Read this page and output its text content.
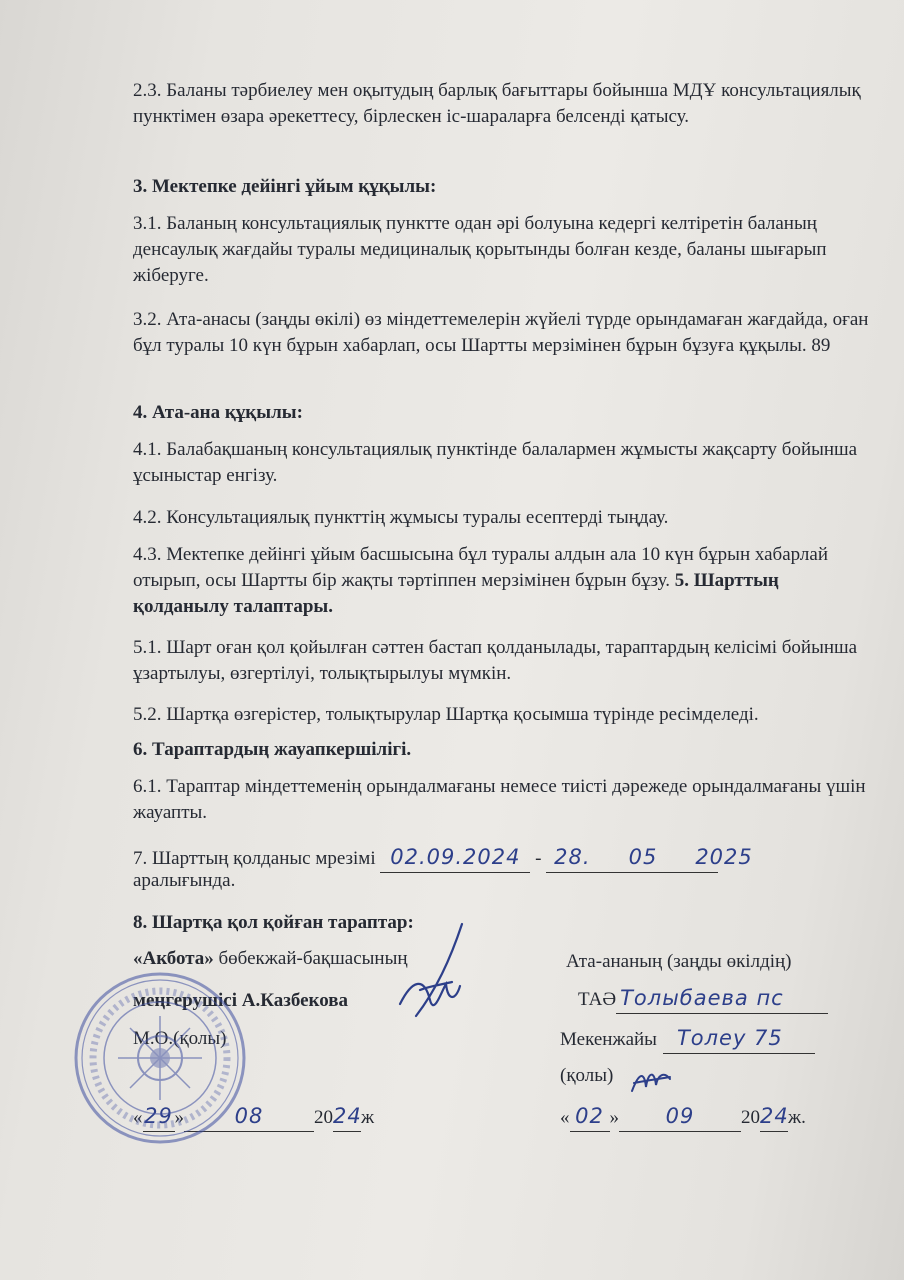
2.3. Баланы тәрбиелеу мен оқытудың барлық бағыттары бойынша МДҰ консультациялық пунктімен өзара әрекеттесу, бірлескен іс-шараларға белсенді қатысу.

3. Мектепке дейінгі ұйым құқылы:

3.1. Баланың консультациялық пунктте одан әрі болуына кедергі келтіретін баланың денсаулық жағдайы туралы медициналық қорытынды болған кезде, баланы шығарып жіберуге.

3.2. Ата-анасы (заңды өкілі) өз міндеттемелерін жүйелі түрде орындамаған жағдайда, оған бұл туралы 10 күн бұрын хабарлап, осы Шартты мерзімінен бұрын бұзуға құқылы. 89

4. Ата-ана құқылы:

4.1. Балабақшаның консультациялық пунктінде балалармен жұмысты жақсарту бойынша ұсыныстар енгізу.

4.2. Консультациялық пункттің жұмысы туралы есептерді тыңдау.

4.3. Мектепке дейінгі ұйым басшысына бұл туралы алдын ала 10 күн бұрын хабарлай отырып, осы Шартты бір жақты тәртіппен мерзімінен бұрын бұзу. 5. Шарттың қолданылу талаптары.

5.1. Шарт оған қол қойылған сәттен бастап қолданылады, тараптардың келісімі бойынша ұзартылуы, өзгертілуі, толықтырылуы мүмкін.

5.2. Шартқа өзгерістер, толықтырулар Шартқа қосымша түрінде ресімделеді.

6. Тараптардың жауапкершілігі.

6.1. Тараптар міндеттеменің орындалмағаны немесе тиісті дәрежеде орындалмағаны үшін жауапты.

7. Шарттың қолданыс мрезімі 02.09.2024 - 28. 05 2025
аралығында.
8. Шартқа қол қойған тараптар:
«Акбота» бөбекжай-бақшасының
меңгерушісі А.Казбекова
М.О.(қолы)
«29» 08	2024ж
Ата-ананың (заңды өкілдің)
ТАӘ Толыбаева пс
Мекенжайы Толеу 75
(қолы)
« 02 » 09 2024ж.
